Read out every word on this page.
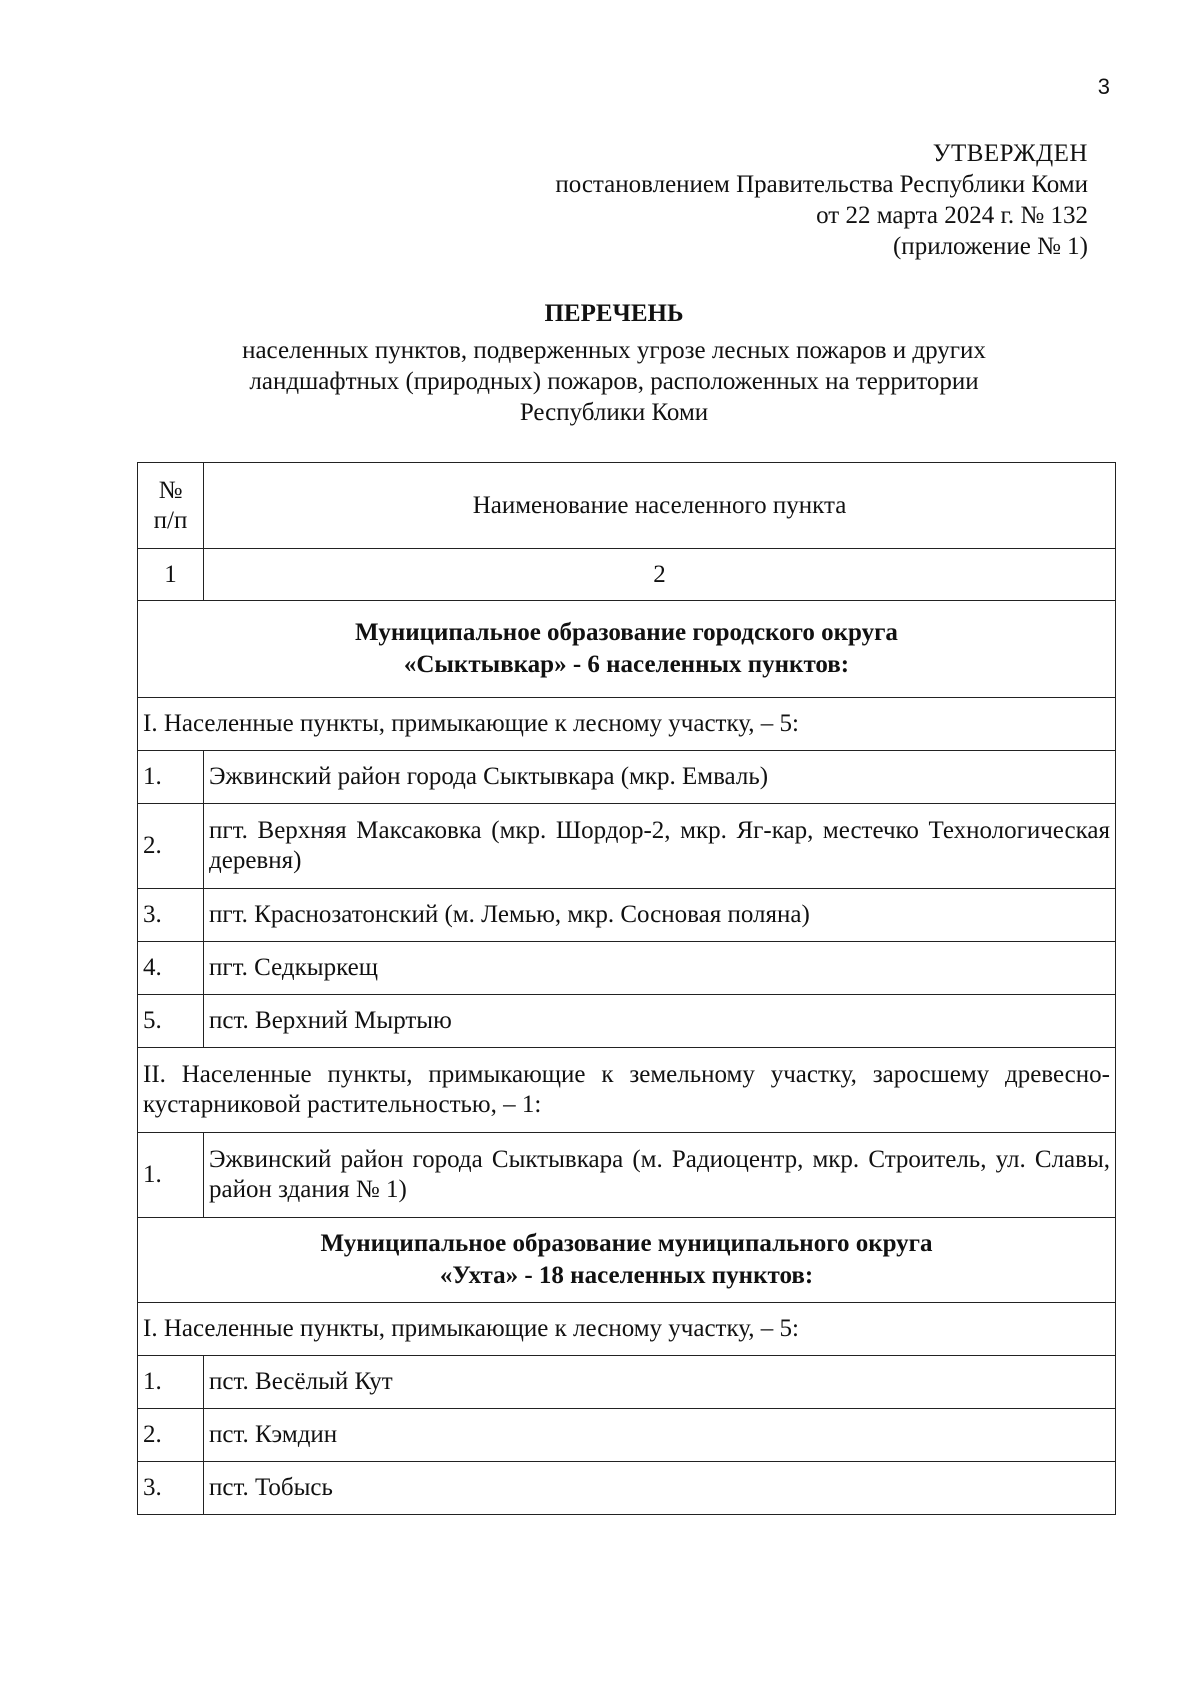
3
УТВЕРЖДЕН
постановлением Правительства Республики Коми
от 22 марта 2024 г. № 132
(приложение № 1)
ПЕРЕЧЕНЬ
населенных пунктов, подверженных угрозе лесных пожаров и других
ландшафтных (природных) пожаров, расположенных на территории
Республики Коми
№
п/п	Наименование населенного пункта
1	2

Муниципальное образование городского округа
«Сыктывкар» - 6 населенных пунктов:	

I. Населенные пункты, примыкающие к лесному участку, – 5:	
1.	Эжвинский район города Сыктывкара (мкр. Емваль)
2.	пгт. Верхняя Максаковка (мкр. Шордор-2, мкр. Яг-кар, местечко Технологическая деревня)
3.	пгт. Краснозатонский (м. Лемью, мкр. Сосновая поляна)
4.	пгт. Седкыркещ
5.	пст. Верхний Мыртыю
II. Населенные пункты, примыкающие к земельному участку, заросшему древесно-кустарниковой растительностью, – 1:	
1.	Эжвинский район города Сыктывкара (м. Радиоцентр, мкр. Строитель, ул. Славы, район здания № 1)

Муниципальное образование муниципального округа
«Ухта» - 18 населенных пунктов:	

I. Населенные пункты, примыкающие к лесному участку, – 5:	
1.	пст. Весёлый Кут
2.	пст. Кэмдин
3.	пст. Тобысь
